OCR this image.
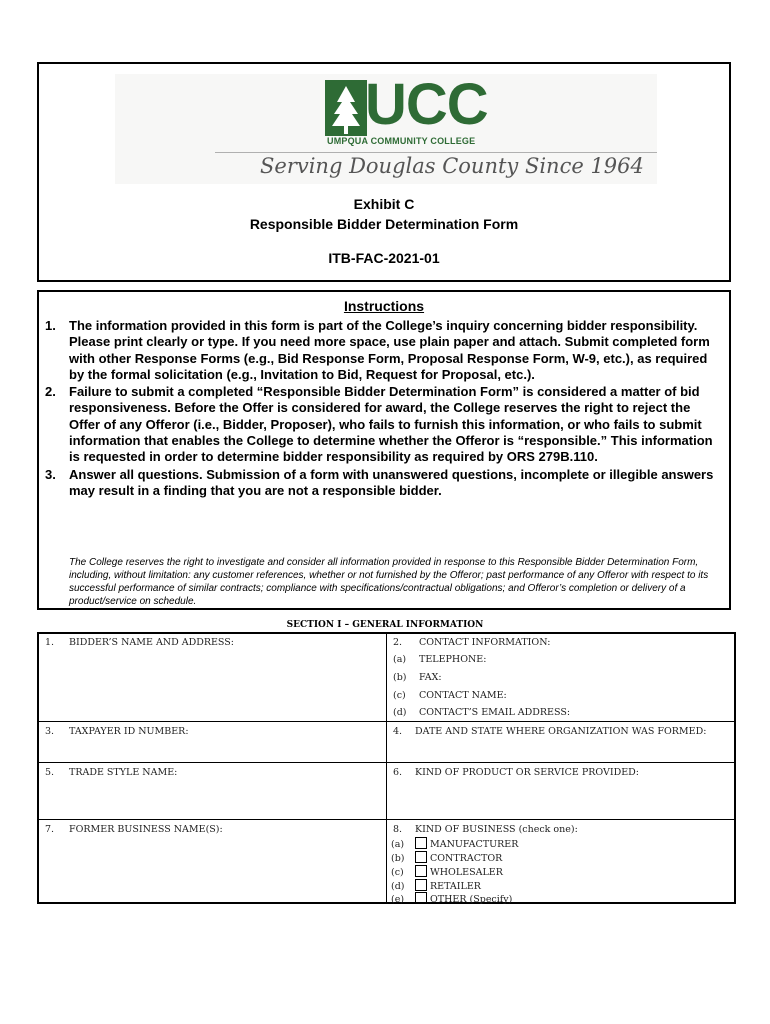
UCC
UMPQUA COMMUNITY COLLEGE
Serving Douglas County Since 1964
Exhibit C
Responsible Bidder Determination Form
ITB-FAC-2021-01
Instructions
1. The information provided in this form is part of the College’s inquiry concerning bidder responsibility. Please print clearly or type. If you need more space, use plain paper and attach. Submit completed form with other Response Forms (e.g., Bid Response Form, Proposal Response Form, W-9, etc.), as required by the formal solicitation (e.g., Invitation to Bid, Request for Proposal, etc.).
2. Failure to submit a completed “Responsible Bidder Determination Form” is considered a matter of bid responsiveness. Before the Offer is considered for award, the College reserves the right to reject the Offer of any Offeror (i.e., Bidder, Proposer), who fails to furnish this information, or who fails to submit information that enables the College to determine whether the Offeror is “responsible.” This information is requested in order to determine bidder responsibility as required by ORS 279B.110.
3. Answer all questions. Submission of a form with unanswered questions, incomplete or illegible answers may result in a finding that you are not a responsible bidder.
The College reserves the right to investigate and consider all information provided in response to this Responsible Bidder Determination Form, including, without limitation: any customer references, whether or not furnished by the Offeror; past performance of any Offeror with respect to its successful performance of similar contracts; compliance with specifications/contractual obligations; and Offeror’s completion or delivery of a product/service on schedule.
SECTION I – GENERAL INFORMATION
1. BIDDER’S NAME AND ADDRESS:	2. CONTACT INFORMATION:
(a) TELEPHONE:
(b) FAX:
(c) CONTACT NAME:
(d) CONTACT’S EMAIL ADDRESS:
3. TAXPAYER ID NUMBER:	4. DATE AND STATE WHERE ORGANIZATION WAS FORMED:
5. TRADE STYLE NAME:	6. KIND OF PRODUCT OR SERVICE PROVIDED:
7. FORMER BUSINESS NAME(S):	8. KIND OF BUSINESS (check one):
(a)	MANUFACTURER
(b)	CONTRACTOR
(c)	WHOLESALER
(d)	RETAILER
(e)	OTHER (Specify)
